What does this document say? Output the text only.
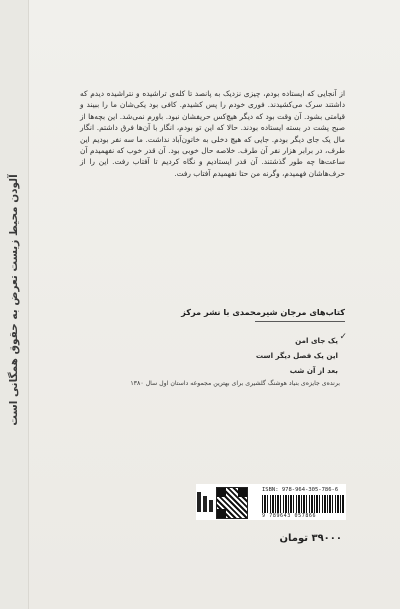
آلودن محیط زیست تعرض به حقوق همگانی است
از آنجایی که ایستاده بودم، چیزی نزدیک به پانصد تا کله‌ی تراشیده و نتراشیده دیدم که داشتند سرک می‌کشیدند. فوری خودم را پس کشیدم. کافی بود یکی‌شان ما را ببیند و قیامتی بشود. آن وقت بود که دیگر هیچ‌کس حریفشان نبود. باورم نمی‌شد. این بچه‌ها از صبح پشت در بسته ایستاده بودند. حالا که این تو بودم، انگار با آن‌ها فرق داشتم. انگار مال یک جای دیگر بودم. جایی که هیچ دخلی به خاتون‌آباد نداشت. ما سه نفر بودیم این طرف، در برابر هزار نفر آن طرف. خلاصه حال خوبی بود. آن قدر خوب که نفهمیدم آن ساعت‌ها چه طور گذشتند. آن قدر ایستادیم و نگاه کردیم تا آفتاب رفت. این را از حرف‌هاشان فهمیدم، وگرنه من حتا نفهمیدم آفتاب رفت.
کتاب‌های مرجان شیرمحمدی با نشر مرکز
✓
یک جای امن
این یک فصل دیگر است
بعد از آن شب
برنده‌ی جایزه‌ی بنیاد هوشنگ گلشیری برای بهترین مجموعه داستان اول سال ۱۳۸۰
ISBN: 978-964-305-786-6
9 789643 057866
۳۹۰۰۰ تومان
